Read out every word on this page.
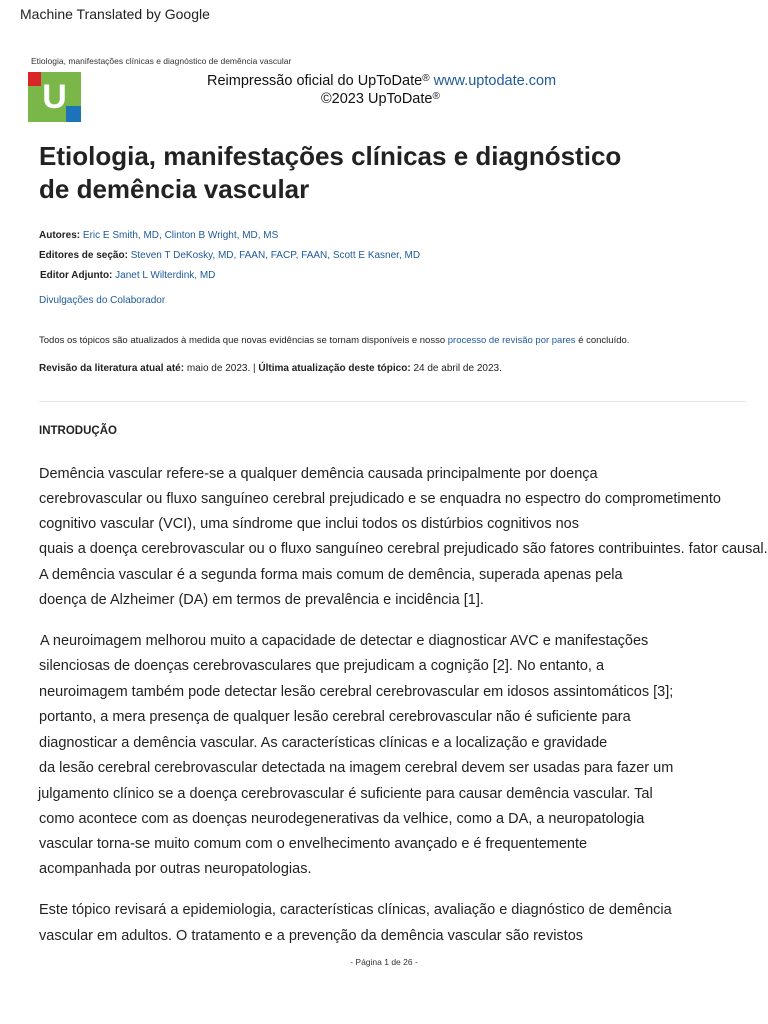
Machine Translated by Google
Etiologia, manifestações clínicas e diagnóstico de demência vascular
U	Reimpressão oficial do UpToDate® www.uptodate.com
©2023 UpToDate®
Etiologia, manifestações clínicas e diagnóstico
de demência vascular
Autores: Eric E Smith, MD, Clinton B Wright, MD, MS
Editores de seção: Steven T DeKosky, MD, FAAN, FACP, FAAN, Scott E Kasner, MD
Editor Adjunto: Janet L Wilterdink, MD
Divulgações do Colaborador
Todos os tópicos são atualizados à medida que novas evidências se tornam disponíveis e nosso processo de revisão por pares é concluído.
Revisão da literatura atual até: maio de 2023. | Última atualização deste tópico: 24 de abril de 2023.
INTRODUÇÃO
Demência vascular refere-se a qualquer demência causada principalmente por doença
cerebrovascular ou fluxo sanguíneo cerebral prejudicado e se enquadra no espectro do comprometimento
cognitivo vascular (VCI), uma síndrome que inclui todos os distúrbios cognitivos nos
quais a doença cerebrovascular ou o fluxo sanguíneo cerebral prejudicado são fatores contribuintes. fator causal.
A demência vascular é a segunda forma mais comum de demência, superada apenas pela
doença de Alzheimer (DA) em termos de prevalência e incidência [1].
A neuroimagem melhorou muito a capacidade de detectar e diagnosticar AVC e manifestações
silenciosas de doenças cerebrovasculares que prejudicam a cognição [2]. No entanto, a
neuroimagem também pode detectar lesão cerebral cerebrovascular em idosos assintomáticos [3];
portanto, a mera presença de qualquer lesão cerebral cerebrovascular não é suficiente para
diagnosticar a demência vascular. As características clínicas e a localização e gravidade
da lesão cerebral cerebrovascular detectada na imagem cerebral devem ser usadas para fazer um
julgamento clínico se a doença cerebrovascular é suficiente para causar demência vascular. Tal
como acontece com as doenças neurodegenerativas da velhice, como a DA, a neuropatologia
vascular torna-se muito comum com o envelhecimento avançado e é frequentemente
acompanhada por outras neuropatologias.
Este tópico revisará a epidemiologia, características clínicas, avaliação e diagnóstico de demência
vascular em adultos. O tratamento e a prevenção da demência vascular são revistos
- Página 1 de 26 -
